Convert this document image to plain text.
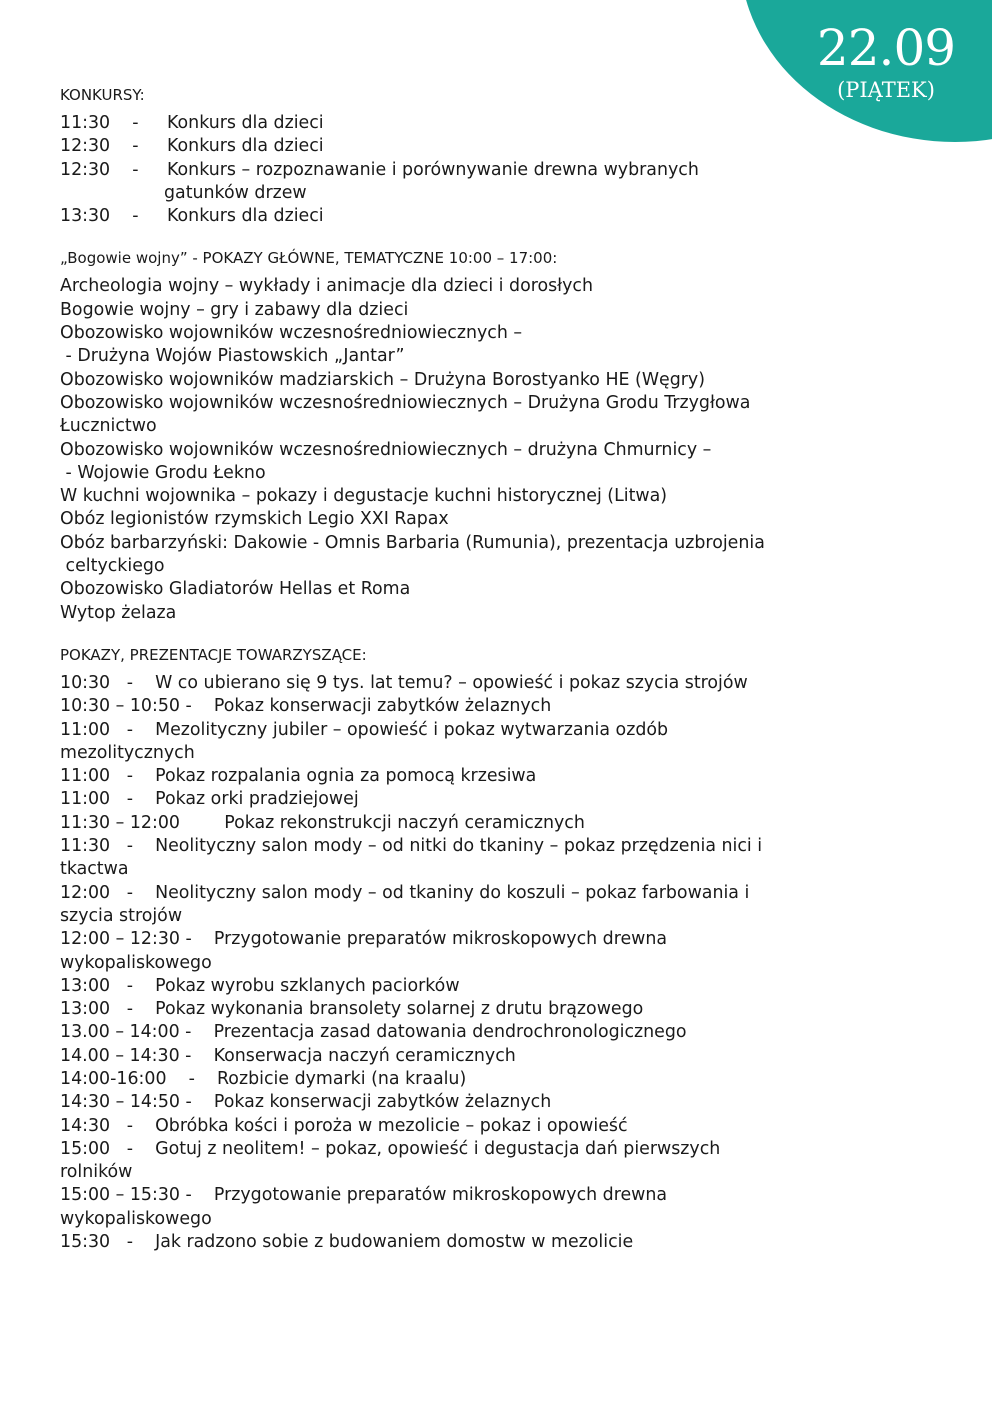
22.09
(PIĄTEK)

KONKURSY:

11:30    -	Konkurs dla dzieci
12:30    -	Konkurs dla dzieci
12:30    -	Konkurs – rozpoznawanie i porównywanie drewna wybranych
gatunków drzew
13:30    -	Konkurs dla dzieci

„Bogowie wojny” - POKAZY GŁÓWNE, TEMATYCZNE 10:00 – 17:00:

Archeologia wojny – wykłady i animacje dla dzieci i dorosłych

Bogowie wojny – gry i zabawy dla dzieci

Obozowisko wojowników wczesnośredniowiecznych –

- Drużyna Wojów Piastowskich „Jantar”

Obozowisko wojowników madziarskich – Drużyna Borostyanko HE (Węgry)

Obozowisko wojowników wczesnośredniowiecznych – Drużyna Grodu Trzygłowa

Łucznictwo

Obozowisko wojowników wczesnośredniowiecznych – drużyna Chmurnicy –

- Wojowie Grodu Łekno

W kuchni wojownika – pokazy i degustacje kuchni historycznej (Litwa)

Obóz legionistów rzymskich Legio XXI Rapax

Obóz barbarzyński: Dakowie - Omnis Barbaria (Rumunia), prezentacja uzbrojenia

celtyckiego

Obozowisko Gladiatorów Hellas et Roma

Wytop żelaza

POKAZY, PREZENTACJE TOWARZYSZĄCE:

10:30   -    W co ubierano się 9 tys. lat temu? – opowieść i pokaz szycia strojów

10:30 – 10:50 -    Pokaz konserwacji zabytków żelaznych

11:00   -    Mezolityczny jubiler – opowieść i pokaz wytwarzania ozdób

mezolitycznych

11:00   -    Pokaz rozpalania ognia za pomocą krzesiwa

11:00   -    Pokaz orki pradziejowej

11:30 – 12:00        Pokaz rekonstrukcji naczyń ceramicznych

11:30   -    Neolityczny salon mody – od nitki do tkaniny – pokaz przędzenia nici i

tkactwa

12:00   -    Neolityczny salon mody – od tkaniny do koszuli – pokaz farbowania i

szycia strojów

12:00 – 12:30 -    Przygotowanie preparatów mikroskopowych drewna

wykopaliskowego

13:00   -    Pokaz wyrobu szklanych paciorków

13:00   -    Pokaz wykonania bransolety solarnej z drutu brązowego

13.00 – 14:00 -    Prezentacja zasad datowania dendrochronologicznego

14.00 – 14:30 -    Konserwacja naczyń ceramicznych

14:00-16:00    -    Rozbicie dymarki (na kraalu)

14:30 – 14:50 -    Pokaz konserwacji zabytków żelaznych

14:30   -    Obróbka kości i poroża w mezolicie – pokaz i opowieść

15:00   -    Gotuj z neolitem! – pokaz, opowieść i degustacja dań pierwszych

rolników

15:00 – 15:30 -    Przygotowanie preparatów mikroskopowych drewna

wykopaliskowego

15:30   -    Jak radzono sobie z budowaniem domostw w mezolicie
